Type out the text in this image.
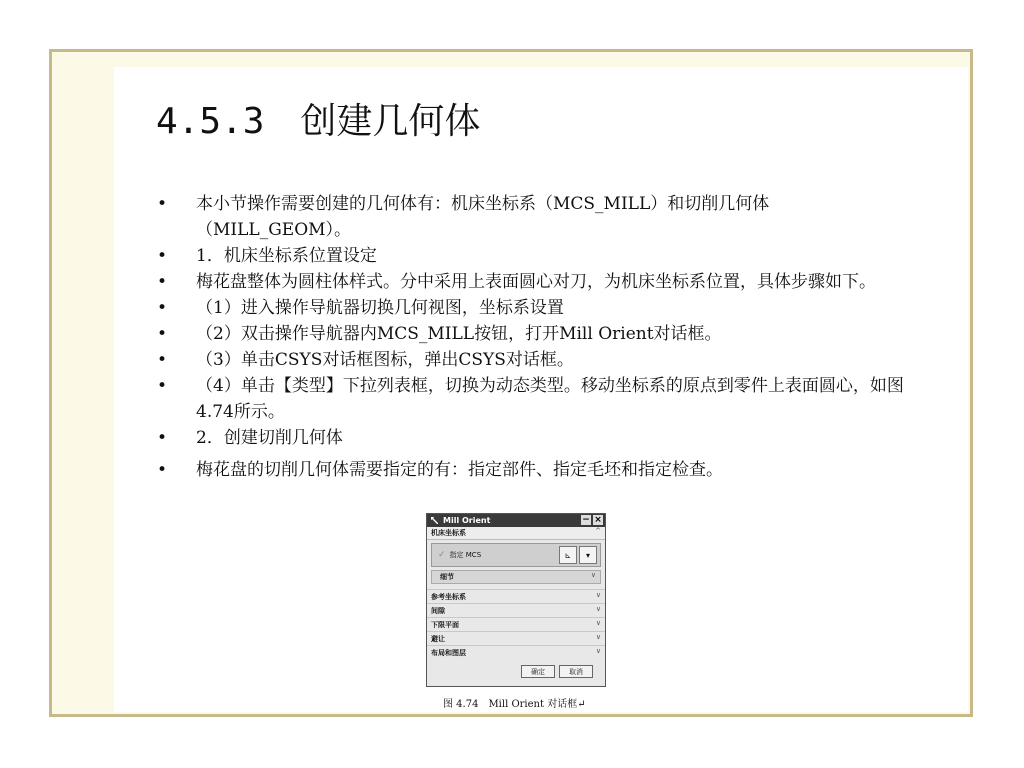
4.5.3　创建几何体
• 本小节操作需要创建的几何体有：机床坐标系（MCS_MILL）和切削几何体（MILL_GEOM）。
• 1．机床坐标系位置设定
• 梅花盘整体为圆柱体样式。分中采用上表面圆心对刀，为机床坐标系位置，具体步骤如下。
• （1）进入操作导航器切换几何视图，坐标系设置
• （2）双击操作导航器内MCS_MILL按钮，打开Mill Orient对话框。
• （3）单击CSYS对话框图标，弹出CSYS对话框。
• （4）单击【类型】下拉列表框，切换为动态类型。移动坐标系的原点到零件上表面圆心，如图4.74所示。
• 2．创建切削几何体
• 梅花盘的切削几何体需要指定的有：指定部件、指定毛坯和指定检查。
Mill Orient	− ×
机床坐标系	^
✓ 指定 MCS	⊾	▾
细节	∨
参考坐标系	∨
间隙	∨
下限平面	∨
避让	∨
布局和图层	∨
确定	取消
图 4.74　Mill Orient 对话框↵
